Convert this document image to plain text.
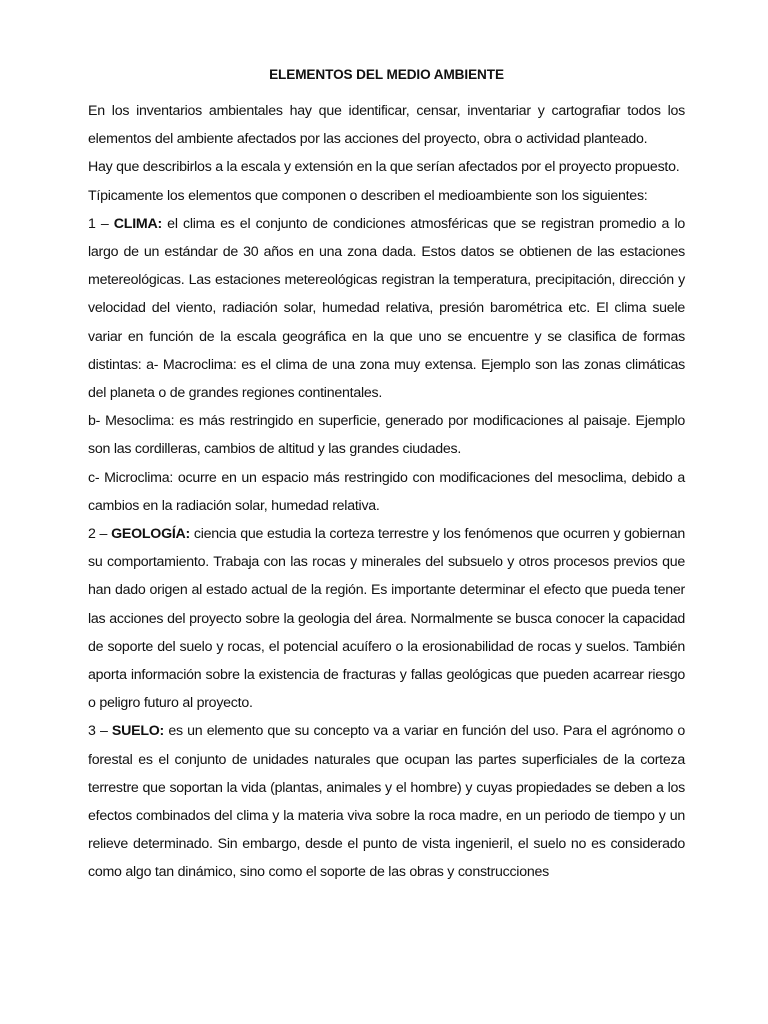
ELEMENTOS DEL MEDIO AMBIENTE

En los inventarios ambientales hay que identificar, censar, inventariar y cartografiar todos los elementos del ambiente afectados por las acciones del proyecto, obra o actividad planteado.

Hay que describirlos a la escala y extensión en la que serían afectados por el proyecto propuesto.

Típicamente los elementos que componen o describen el medioambiente son los siguientes:

1 – CLIMA: el clima es el conjunto de condiciones atmosféricas que se registran promedio a lo largo de un estándar de 30 años en una zona dada. Estos datos se obtienen de las estaciones metereológicas. Las estaciones metereológicas registran la temperatura, precipitación, dirección y velocidad del viento, radiación solar, humedad relativa, presión barométrica etc. El clima suele variar en función de la escala geográfica en la que uno se encuentre y se clasifica de formas distintas: a- Macroclima: es el clima de una zona muy extensa. Ejemplo son las zonas climáticas del planeta o de grandes regiones continentales.

b- Mesoclima: es más restringido en superficie, generado por modificaciones al paisaje. Ejemplo son las cordilleras, cambios de altitud y las grandes ciudades.

c- Microclima: ocurre en un espacio más restringido con modificaciones del mesoclima, debido a cambios en la radiación solar, humedad relativa.

2 – GEOLOGÍA: ciencia que estudia la corteza terrestre y los fenómenos que ocurren y gobiernan su comportamiento. Trabaja con las rocas y minerales del subsuelo y otros procesos previos que han dado origen al estado actual de la región. Es importante determinar el efecto que pueda tener las acciones del proyecto sobre la geologia del área. Normalmente se busca conocer la capacidad de soporte del suelo y rocas, el potencial acuífero o la erosionabilidad de rocas y suelos. También aporta información sobre la existencia de fracturas y fallas geológicas que pueden acarrear riesgo o peligro futuro al proyecto.

3 – SUELO: es un elemento que su concepto va a variar en función del uso. Para el agrónomo o forestal es el conjunto de unidades naturales que ocupan las partes superficiales de la corteza terrestre que soportan la vida (plantas, animales y el hombre) y cuyas propiedades se deben a los efectos combinados del clima y la materia viva sobre la roca madre, en un periodo de tiempo y un relieve determinado. Sin embargo, desde el punto de vista ingenieril, el suelo no es considerado como algo tan dinámico, sino como el soporte de las obras y construcciones
